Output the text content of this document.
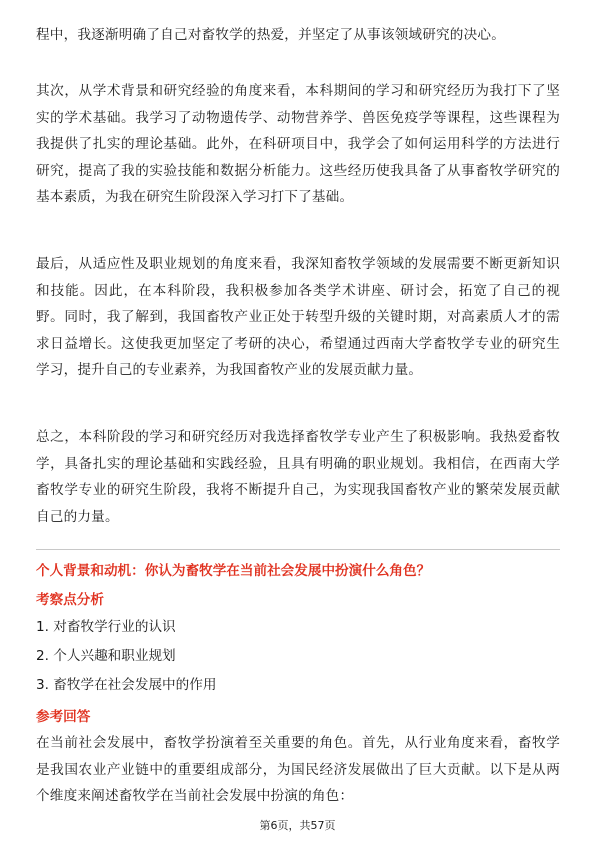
程中，我逐渐明确了自己对畜牧学的热爱，并坚定了从事该领域研究的决心。

其次，从学术背景和研究经验的角度来看，本科期间的学习和研究经历为我打下了坚实的学术基础。我学习了动物遗传学、动物营养学、兽医免疫学等课程，这些课程为我提供了扎实的理论基础。此外，在科研项目中，我学会了如何运用科学的方法进行研究，提高了我的实验技能和数据分析能力。这些经历使我具备了从事畜牧学研究的基本素质，为我在研究生阶段深入学习打下了基础。

最后，从适应性及职业规划的角度来看，我深知畜牧学领域的发展需要不断更新知识和技能。因此，在本科阶段，我积极参加各类学术讲座、研讨会，拓宽了自己的视野。同时，我了解到，我国畜牧产业正处于转型升级的关键时期，对高素质人才的需求日益增长。这使我更加坚定了考研的决心，希望通过西南大学畜牧学专业的研究生学习，提升自己的专业素养，为我国畜牧产业的发展贡献力量。

总之，本科阶段的学习和研究经历对我选择畜牧学专业产生了积极影响。我热爱畜牧学，具备扎实的理论基础和实践经验，且具有明确的职业规划。我相信，在西南大学畜牧学专业的研究生阶段，我将不断提升自己，为实现我国畜牧产业的繁荣发展贡献自己的力量。

个人背景和动机：你认为畜牧学在当前社会发展中扮演什么角色？

考察点分析

1. 对畜牧学行业的认识

2. 个人兴趣和职业规划

3. 畜牧学在社会发展中的作用

参考回答

在当前社会发展中，畜牧学扮演着至关重要的角色。首先，从行业角度来看，畜牧学是我国农业产业链中的重要组成部分，为国民经济发展做出了巨大贡献。以下是从两个维度来阐述畜牧学在当前社会发展中扮演的角色：

第6页，共57页
